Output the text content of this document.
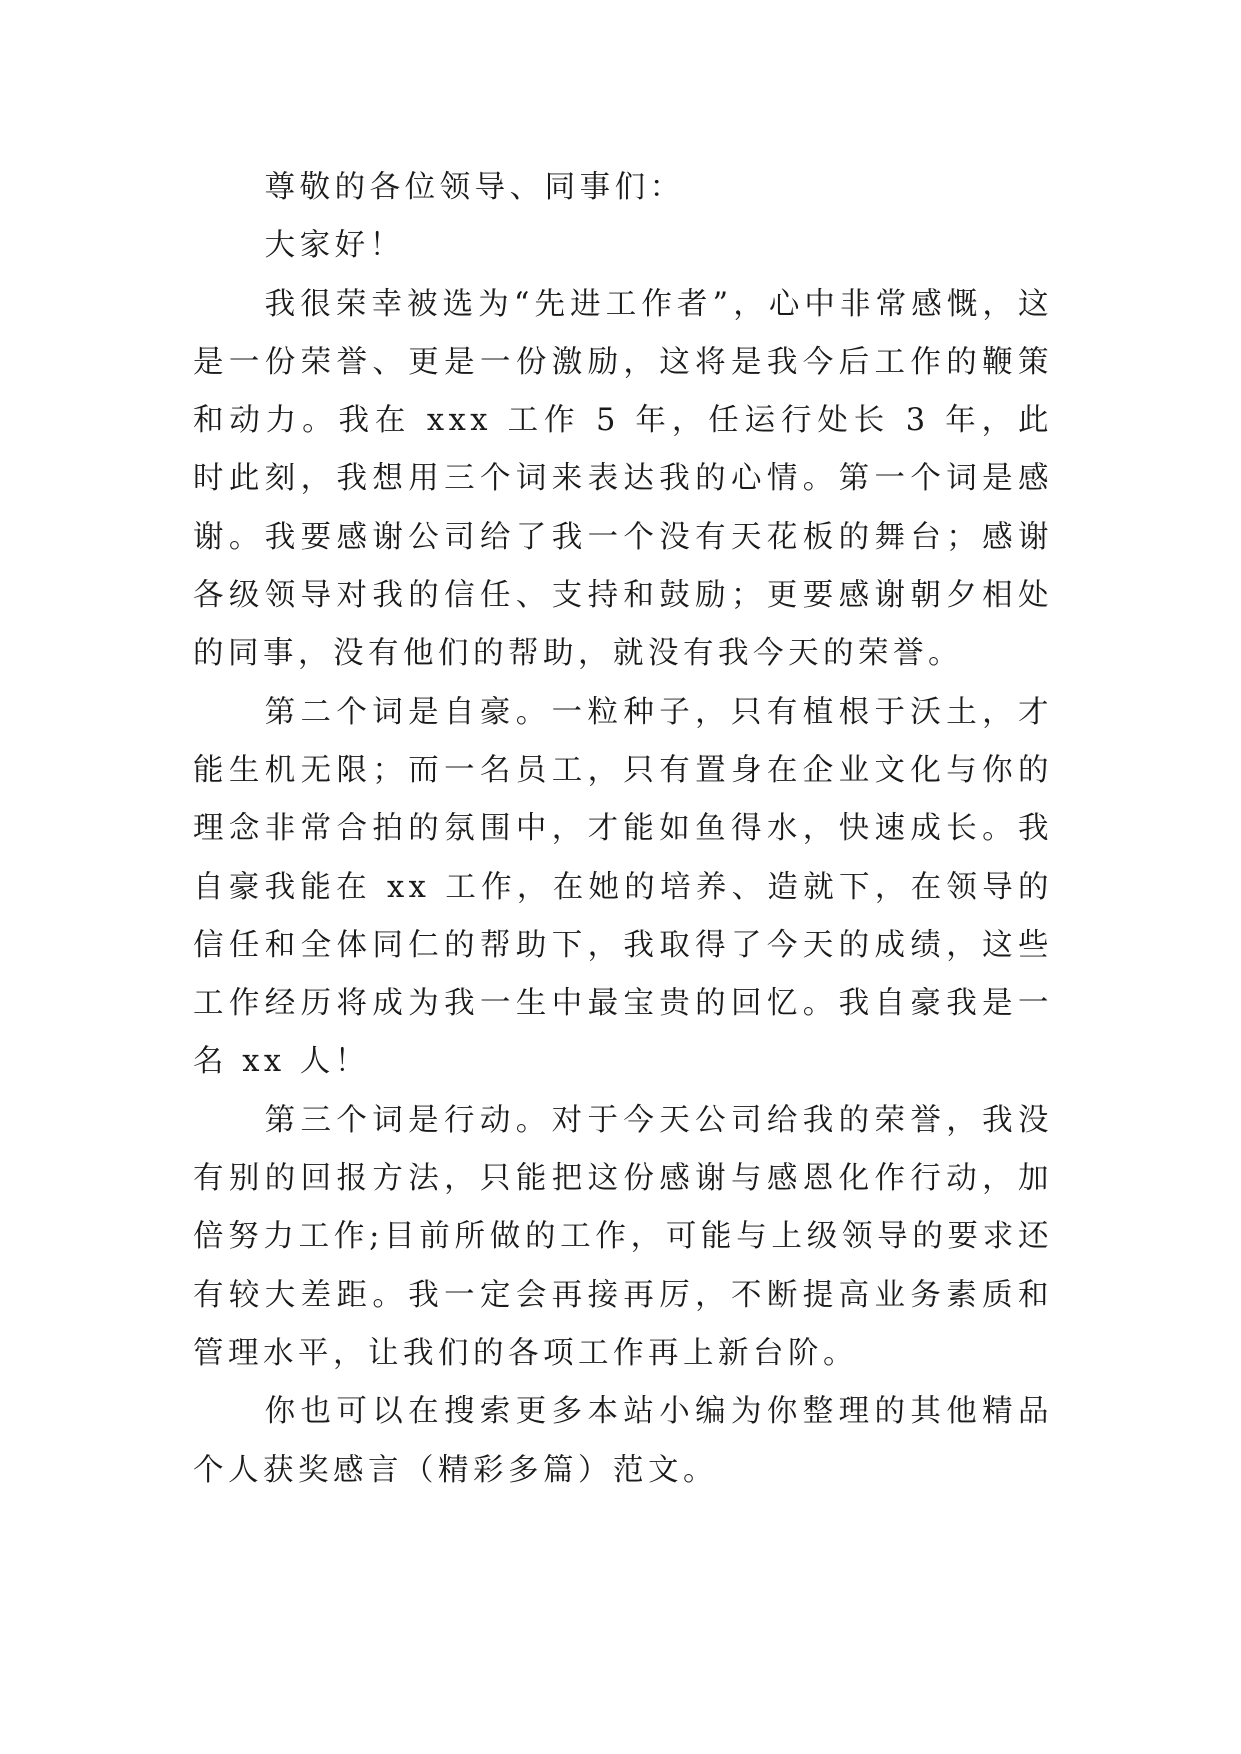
尊敬的各位领导、同事们：

大家好！

我很荣幸被选为“先进工作者”，心中非常感慨，这是一份荣誉、更是一份激励，这将是我今后工作的鞭策和动力。我在 xxx 工作 5 年，任运行处长 3 年，此时此刻，我想用三个词来表达我的心情。第一个词是感谢。我要感谢公司给了我一个没有天花板的舞台；感谢各级领导对我的信任、支持和鼓励；更要感谢朝夕相处的同事，没有他们的帮助，就没有我今天的荣誉。

第二个词是自豪。一粒种子，只有植根于沃土，才能生机无限；而一名员工，只有置身在企业文化与你的理念非常合拍的氛围中，才能如鱼得水，快速成长。我自豪我能在 xx 工作，在她的培养、造就下，在领导的信任和全体同仁的帮助下，我取得了今天的成绩，这些工作经历将成为我一生中最宝贵的回忆。我自豪我是一名 xx 人！

第三个词是行动。对于今天公司给我的荣誉，我没有别的回报方法，只能把这份感谢与感恩化作行动，加倍努力工作;目前所做的工作，可能与上级领导的要求还有较大差距。我一定会再接再厉，不断提高业务素质和管理水平，让我们的各项工作再上新台阶。

你也可以在搜索更多本站小编为你整理的其他精品个人获奖感言（精彩多篇）范文。
